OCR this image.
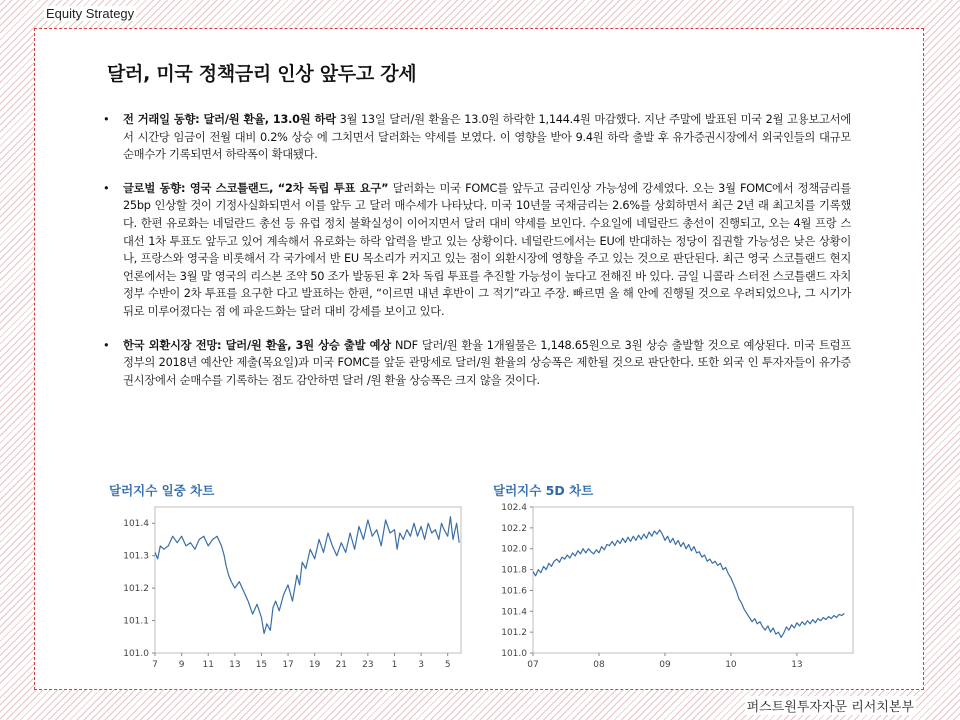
Equity Strategy
달러, 미국 정책금리 인상 앞두고 강세
• 전 거래일 동향: 달러/원 환율, 13.0원 하락 3월 13일 달러/원 환율은 13.0원 하락한 1,144.4원 마감했다. 지난 주말에 발표된 미국 2월 고용보고서에서 시간당 임금이 전월 대비 0.2% 상승 에 그치면서 달러화는 약세를 보였다. 이 영향을 받아 9.4원 하락 출발 후 유가증권시장에서 외국인들의 대규모 순매수가 기록되면서 하락폭이 확대됐다.
• 글로벌 동향: 영국 스코틀랜드, “2차 독립 투표 요구” 달러화는 미국 FOMC를 앞두고 금리인상 가능성에 강세였다. 오는 3월 FOMC에서 정책금리를 25bp 인상할 것이 기정사실화되면서 이를 앞두 고 달러 매수세가 나타났다. 미국 10년물 국채금리는 2.6%를 상회하면서 최근 2년 래 최고치를 기록했다. 한편 유로화는 네덜란드 총선 등 유럽 정치 불확실성이 이어지면서 달러 대비 약세를 보인다. 수요일에 네덜란드 총선이 진행되고, 오는 4월 프랑 스 대선 1차 투표도 앞두고 있어 계속해서 유로화는 하락 압력을 받고 있는 상황이다. 네덜란드에서는 EU에 반대하는 정당이 집권할 가능성은 낮은 상황이나, 프랑스와 영국을 비롯해서 각 국가에서 반 EU 목소리가 커지고 있는 점이 외환시장에 영향을 주고 있는 것으로 판단된다. 최근 영국 스코틀랜드 현지 언론에서는 3월 말 영국의 리스본 조약 50 조가 발동된 후 2차 독립 투표를 추진할 가능성이 높다고 전해진 바 있다. 금일 니콜라 스터전 스코틀랜드 자치정부 수반이 2차 투표를 요구한 다고 발표하는 한편, “이르면 내년 후반이 그 적기”라고 주장. 빠르면 올 해 안에 진행될 것으로 우려되었으나, 그 시기가 뒤로 미루어졌다는 점 에 파운드화는 달러 대비 강세를 보이고 있다.
• 한국 외환시장 전망: 달러/원 환율, 3원 상승 출발 예상 NDF 달러/원 환율 1개월물은 1,148.65원으로 3원 상승 출발할 것으로 예상된다. 미국 트럼프 정부의 2018년 예산안 제출(목요일)과 미국 FOMC를 앞둔 관망세로 달러/원 환율의 상승폭은 제한될 것으로 판단한다. 또한 외국 인 투자자들이 유가증권시장에서 순매수를 기록하는 점도 감안하면 달러 /원 환율 상승폭은 크지 않을 것이다.
달러지수 일중 차트
101.4
101.3
101.2
101.1
101.0
7 9 11 13 15 17 19 21 23 1 3 5
달러지수 5D 차트
102.4
102.2
102.0
101.8
101.6
101.4
101.2
101.0
07	08	09	10	13
퍼스트원투자자문 리서치본부
